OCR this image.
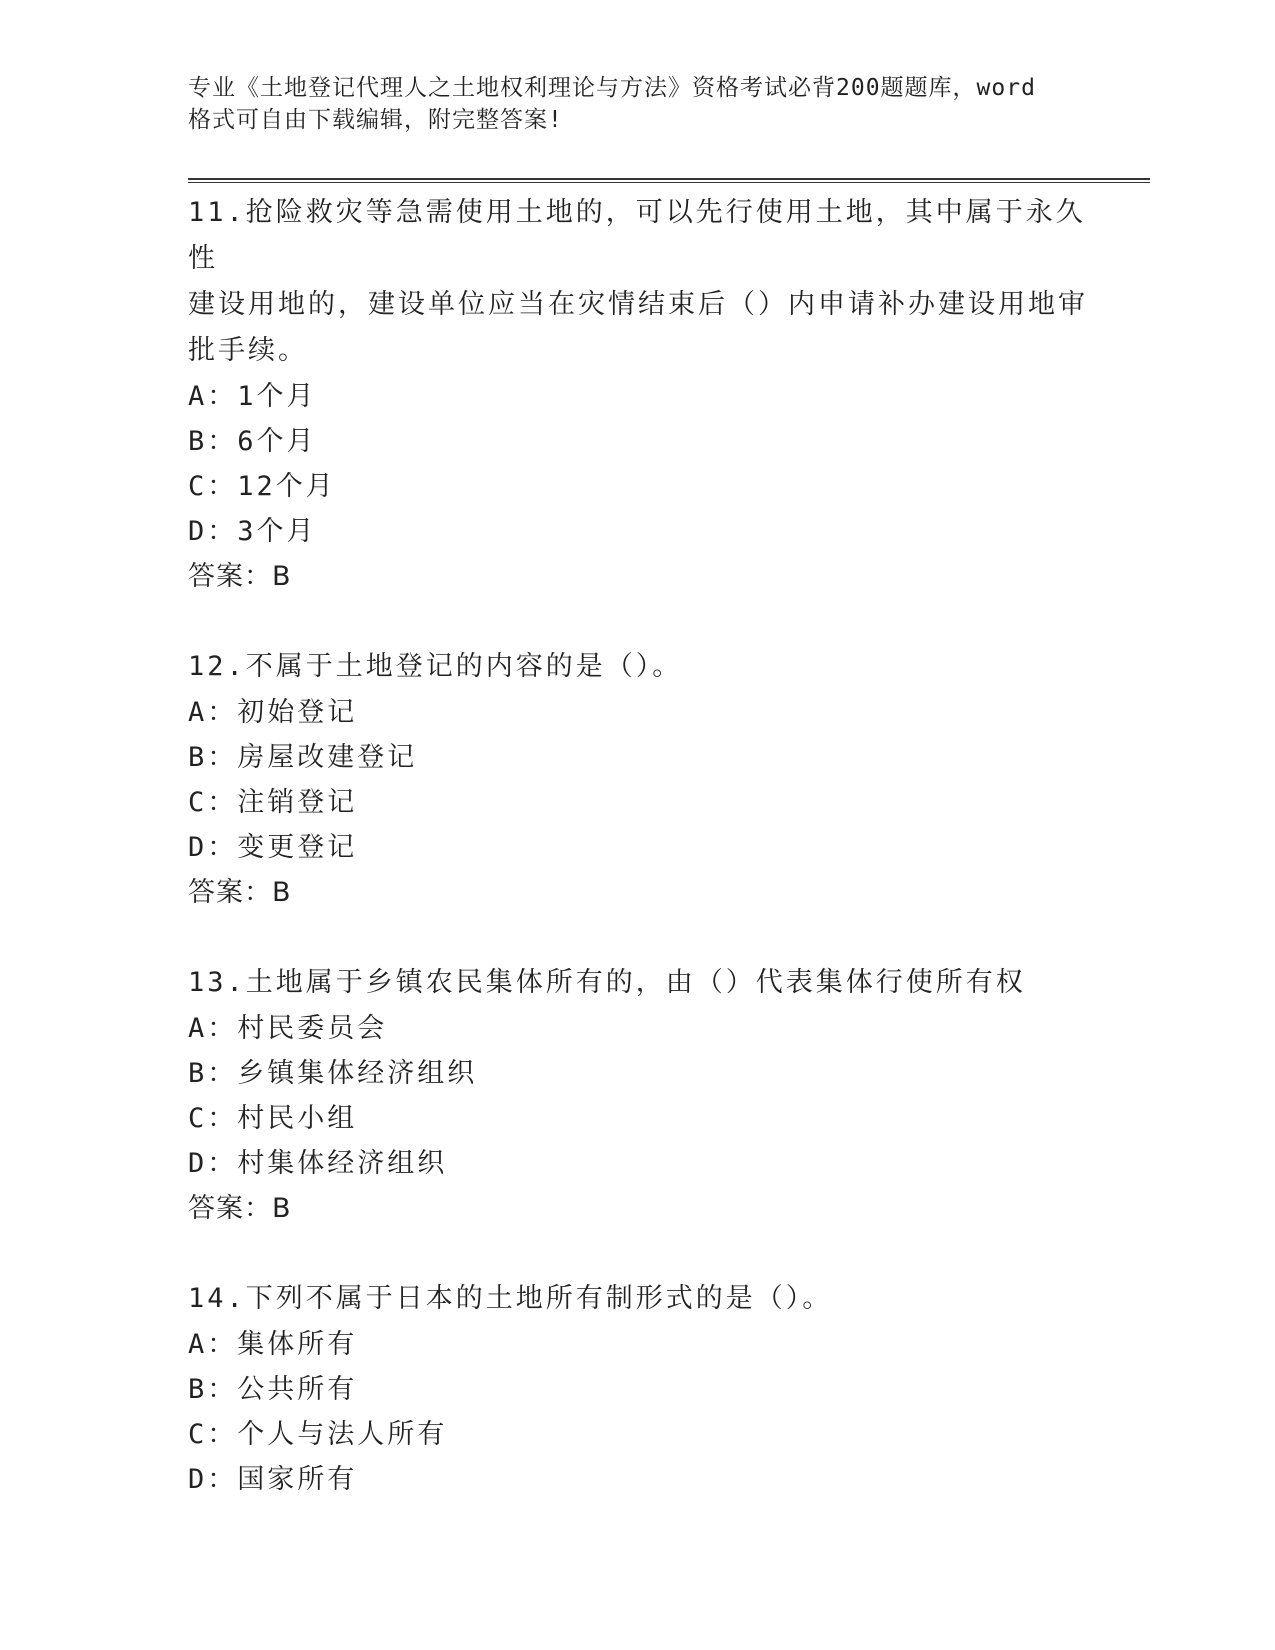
专业《土地登记代理人之土地权利理论与方法》资格考试必背200题题库，word
格式可自由下载编辑，附完整答案!
11.抢险救灾等急需使用土地的，可以先行使用土地，其中属于永久性
建设用地的，建设单位应当在灾情结束后（）内申请补办建设用地审
批手续。
A：1个月
B：6个月
C：12个月
D：3个月
答案：B
12.不属于土地登记的内容的是（）。
A：初始登记
B：房屋改建登记
C：注销登记
D：变更登记
答案：B
13.土地属于乡镇农民集体所有的，由（）代表集体行使所有权
A：村民委员会
B：乡镇集体经济组织
C：村民小组
D：村集体经济组织
答案：B
14.下列不属于日本的土地所有制形式的是（）。
A：集体所有
B：公共所有
C：个人与法人所有
D：国家所有
